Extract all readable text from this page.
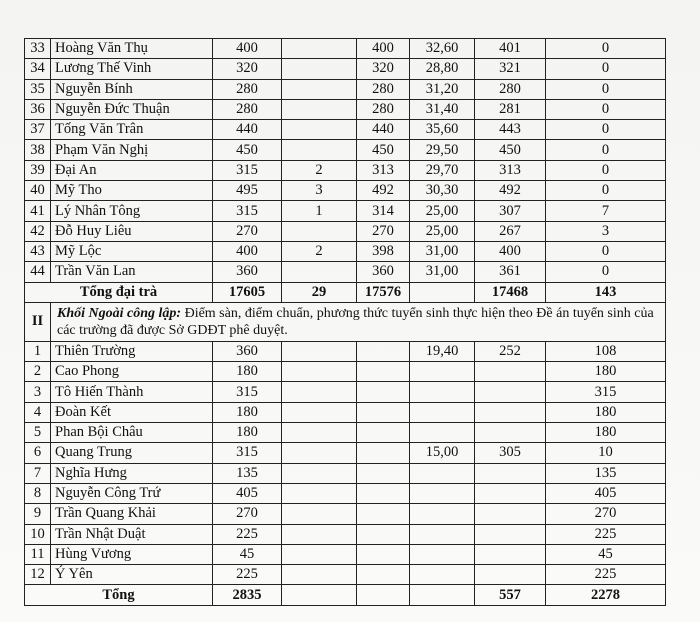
33	Hoàng Văn Thụ	400		400	32,60	401	0
34	Lương Thế Vinh	320		320	28,80	321	0
35	Nguyễn Bính	280		280	31,20	280	0
36	Nguyễn Đức Thuận	280		280	31,40	281	0
37	Tống Văn Trân	440		440	35,60	443	0
38	Phạm Văn Nghị	450		450	29,50	450	0
39	Đại An	315	2	313	29,70	313	0
40	Mỹ Tho	495	3	492	30,30	492	0
41	Lý Nhân Tông	315	1	314	25,00	307	7
42	Đỗ Huy Liêu	270		270	25,00	267	3
43	Mỹ Lộc	400	2	398	31,00	400	0
44	Trần Văn Lan	360		360	31,00	361	0
Tổng đại trà		17605	29	17576		17468	143
II	Khối Ngoài công lập: Điểm sàn, điểm chuẩn, phương thức tuyển sinh thực hiện theo Đề án tuyển sinh của các trường đã được Sở GDĐT phê duyệt.						
1	Thiên Trường	360			19,40	252	108
2	Cao Phong	180					180
3	Tô Hiến Thành	315					315
4	Đoàn Kết	180					180
5	Phan Bội Châu	180					180
6	Quang Trung	315			15,00	305	10
7	Nghĩa Hưng	135					135
8	Nguyễn Công Trứ	405					405
9	Trần Quang Khải	270					270
10	Trần Nhật Duật	225					225
11	Hùng Vương	45					45
12	Ý Yên	225					225
Tổng		2835				557	2278
